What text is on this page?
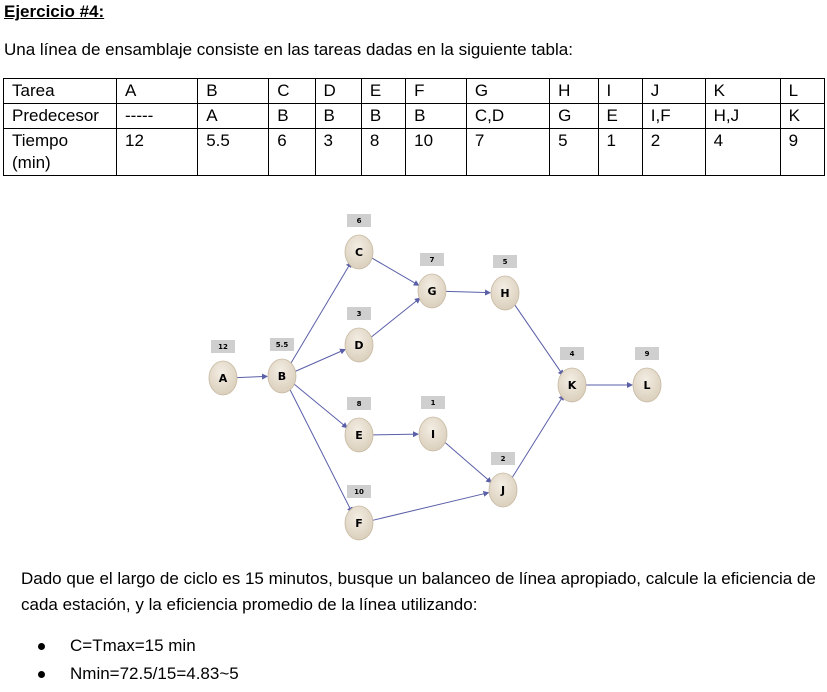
Ejercicio #4:
Una línea de ensamblaje consiste en las tareas dadas en la siguiente tabla:
Tarea	A	B	C	D	E	F	G	H	I	J	K	L
Predecesor	-----	A	B	B	B	B	C,D	G	E	I,F	H,J	K
Tiempo
(min)	12	5.5	6	3	8	10	7	5	1	2	4	9
12
A
5.5
B
6
C
3
D
8
E
10
F
7
G
5
H
1
I
2
J
4
K
9
L
Dado que el largo de ciclo es 15 minutos, busque un balanceo de línea apropiado, calcule la eficiencia de cada estación, y la eficiencia promedio de la línea utilizando:
C=Tmax=15 min
Nmin=72.5/15=4.83~5
